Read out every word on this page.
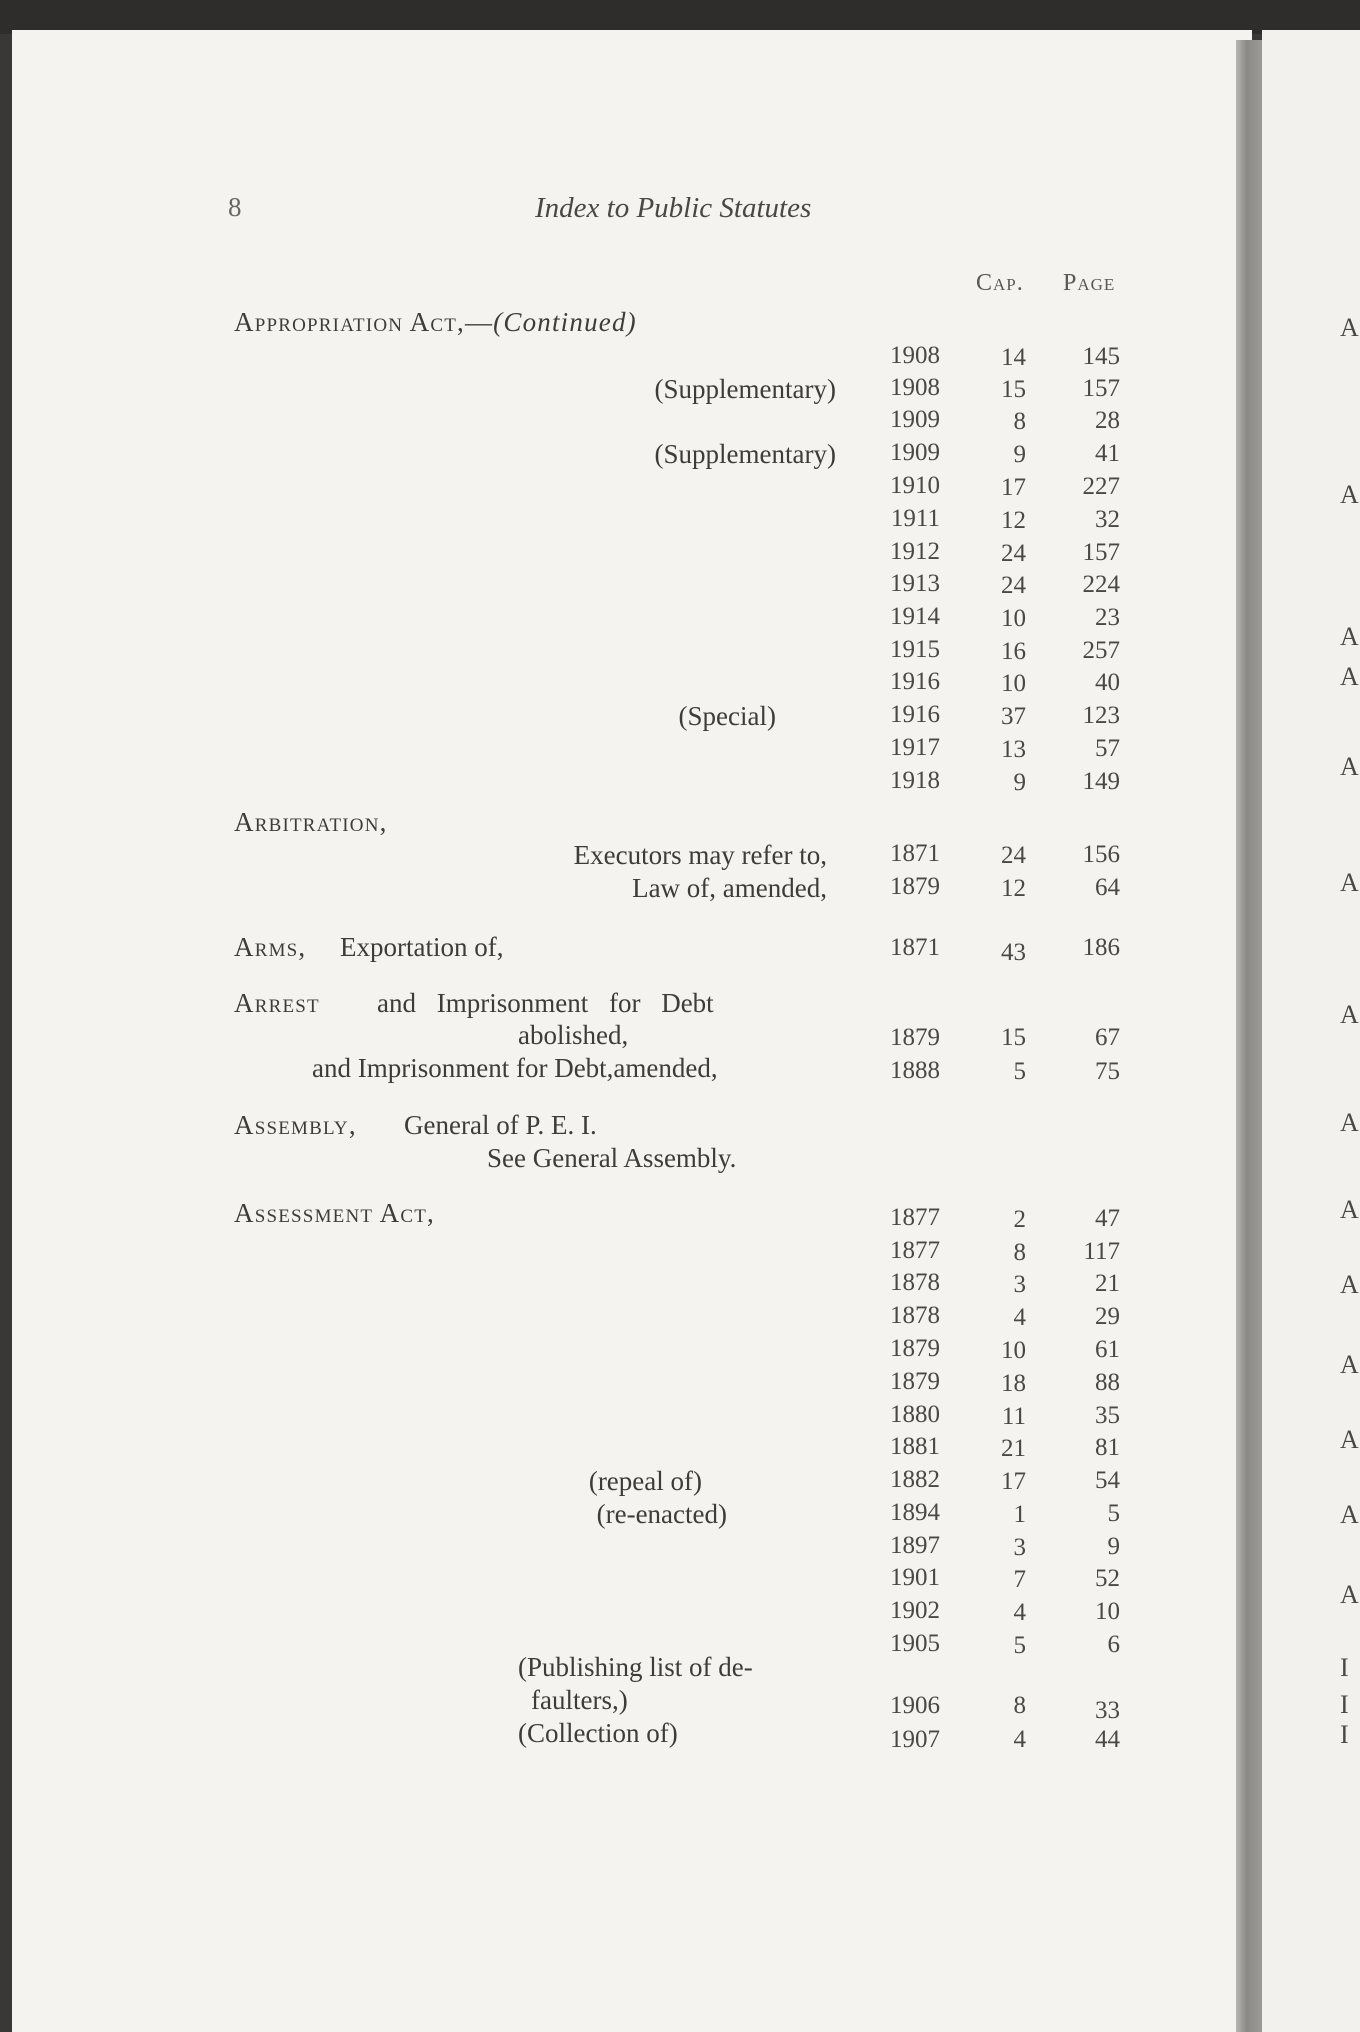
A
A
A
A
A
A
A
A
A
A
A
A
A
A
I
I
I
8	Index to Public Statutes
Cap. Page
Appropriation Act,—(Continued)
1908	14	145
(Supplementary)	1908	15	157
1909	8	28
(Supplementary)	1909	9	41
1910	17	227
1911	12	32
1912	24	157
1913	24	224
1914	10	23
1915	16	257
1916	10	40
(Special)	1916	37	123
1917	13	57
1918	9	149
Arbitration,
Executors may refer to,	1871	24	156
Law of, amended,	1879	12	64
Arms, Exportation of,	1871	43	186
Arrest and Imprisonment for Debt
abolished,	1879	15	67
and Imprisonment for Debt,amended,	1888	5	75
Assembly, General of P. E. I.
See General Assembly.
Assessment Act,	1877	2	47
1877	8	117
1878	3	21
1878	4	29
1879	10	61
1879	18	88
1880	11	35
1881	21	81
(repeal of)	1882	17	54
(re-enacted)	1894	1	5
1897	3	9
1901	7	52
1902	4	10
1905	5	6
(Publishing list of de-
faulters,)	1906	8	33
(Collection of)	1907	4	44
